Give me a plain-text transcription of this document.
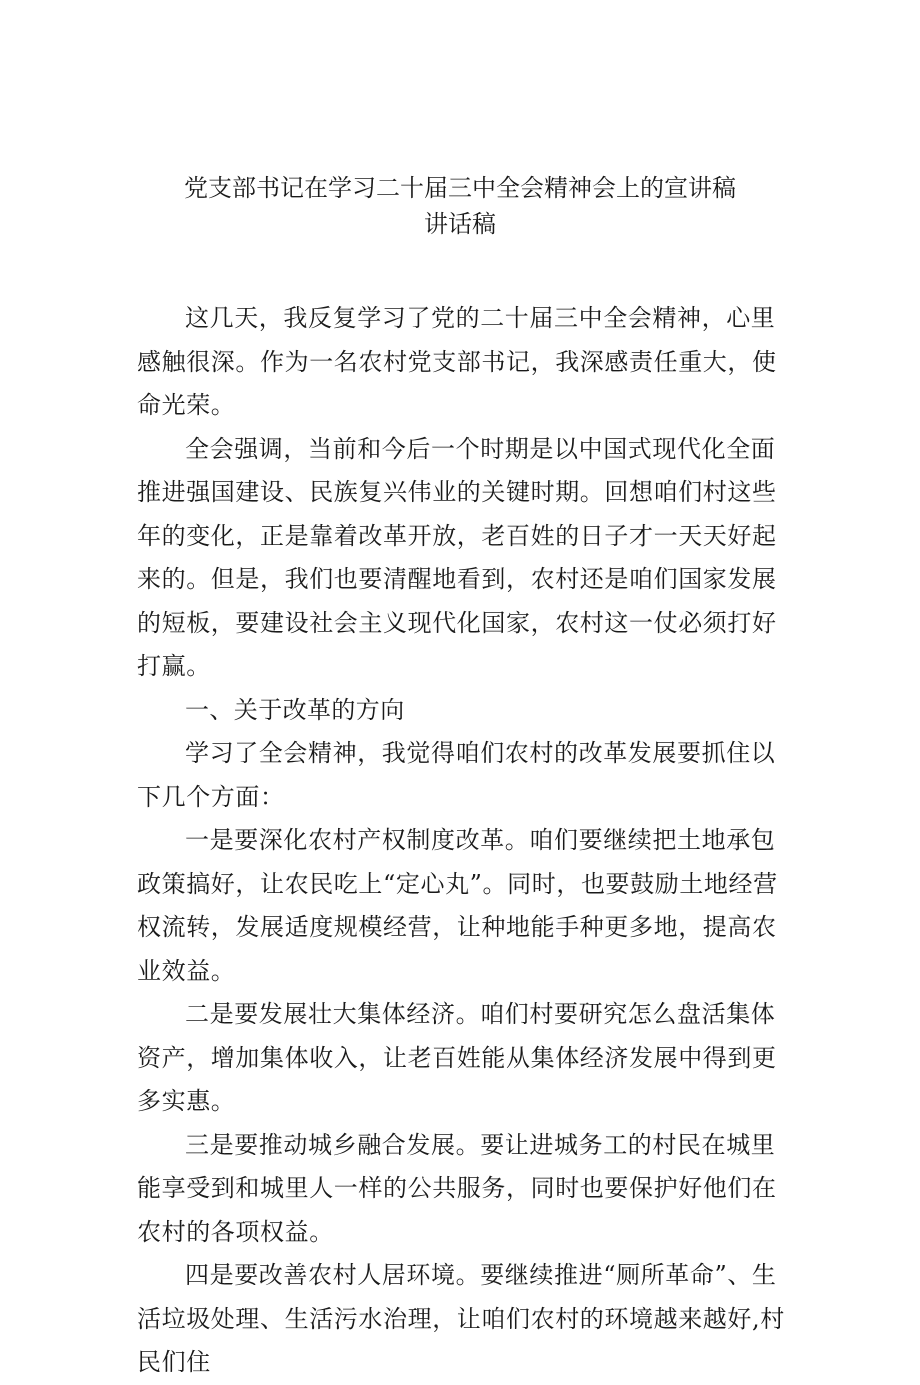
党支部书记在学习二十届三中全会精神会上的宣讲稿
讲话稿

这几天，我反复学习了党的二十届三中全会精神，心里感触很深。作为一名农村党支部书记，我深感责任重大，使命光荣。

全会强调，当前和今后一个时期是以中国式现代化全面推进强国建设、民族复兴伟业的关键时期。回想咱们村这些年的变化，正是靠着改革开放，老百姓的日子才一天天好起来的。但是，我们也要清醒地看到，农村还是咱们国家发展的短板，要建设社会主义现代化国家，农村这一仗必须打好打赢。

一、关于改革的方向

学习了全会精神，我觉得咱们农村的改革发展要抓住以下几个方面：

一是要深化农村产权制度改革。咱们要继续把土地承包政策搞好，让农民吃上“定心丸”。同时，也要鼓励土地经营权流转，发展适度规模经营，让种地能手种更多地，提高农业效益。

二是要发展壮大集体经济。咱们村要研究怎么盘活集体资产，增加集体收入，让老百姓能从集体经济发展中得到更多实惠。

三是要推动城乡融合发展。要让进城务工的村民在城里
能享受到和城里人一样的公共服务，同时也要保护好他们在农村的各项权益。

四是要改善农村人居环境。要继续推进“厕所革命”、生活垃圾处理、生活污水治理，让咱们农村的环境越来越好,村民们住
